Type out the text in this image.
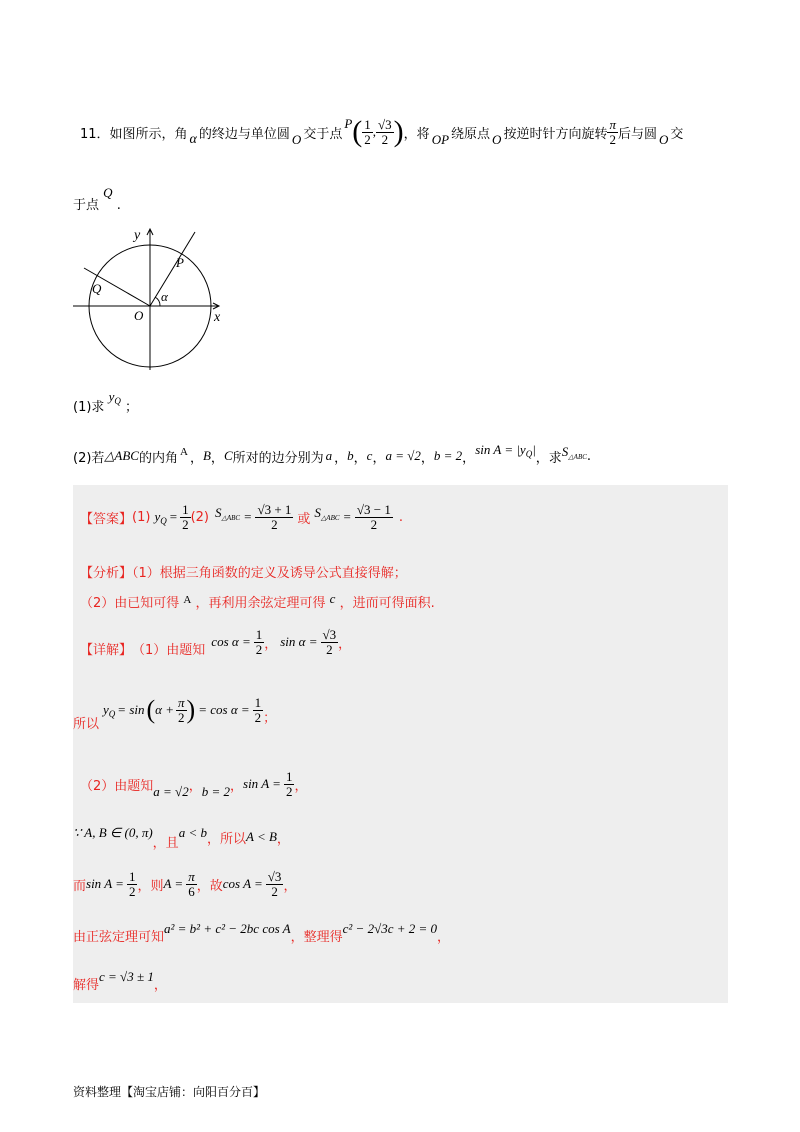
11．如图所示，角 α 的终边与单位圆 O 交于点
P ( $\frac{1}{2}$ , $\frac{√3}{2}$ ) ，将 OP 绕原点 O 按逆时针方向旋转 $\frac{\pi}{2}$ 后与圆 O 交
于点 Q .
y
x
P
Q
O
α
(1)求 $y_Q$ ；
(2)若 △ABC 的内角 A ， B ， C 所对的边分别为 a ， b ， c ， a = √2 ， b = 2 ，
$\sin A = |y_Q|$
，求 $S_{\triangle ABC}$ .
【答案】 (1) $y_Q = \frac{1}{2} (2) S_{\triangle ABC} = \frac{√3 + 1}{2}$ 或 $S_{\triangle ABC} = \frac{√3 - 1}{2}$ .
【分析】（1）根据三角函数的定义及诱导公式直接得解；
（2）由已知可得 $^A$ ，再利用余弦定理可得 c ，进而可得面积.
【详解】 （1）由题知
$\cos \alpha = \frac{1}{2}$ ， $\sin \alpha = \frac{√3}{2}$ ，
所以
$y_Q = \sin$ ( $\alpha + \frac{\pi}{2}$ ) = $\cos \alpha = \frac{1}{2}$ ；
（2）由题知 a = √2 ， b = 2 ， $\sin A = \frac{1}{2}$ ，
∵ A, B ∈ (0, π)
，且
a < b ，所以 A < B ，
而 $\sin A = \frac{1}{2}$ ，则 $A = \frac{\pi}{6}$ ，故 $\cos A = \frac{√3}{2}$ ，
由正弦定理可知
a² = b² + c² − 2bc cos A
，整理得
c² − 2√3c + 2 = 0
，
解得
c = √3 ± 1
，
资料整理【淘宝店铺：向阳百分百】
